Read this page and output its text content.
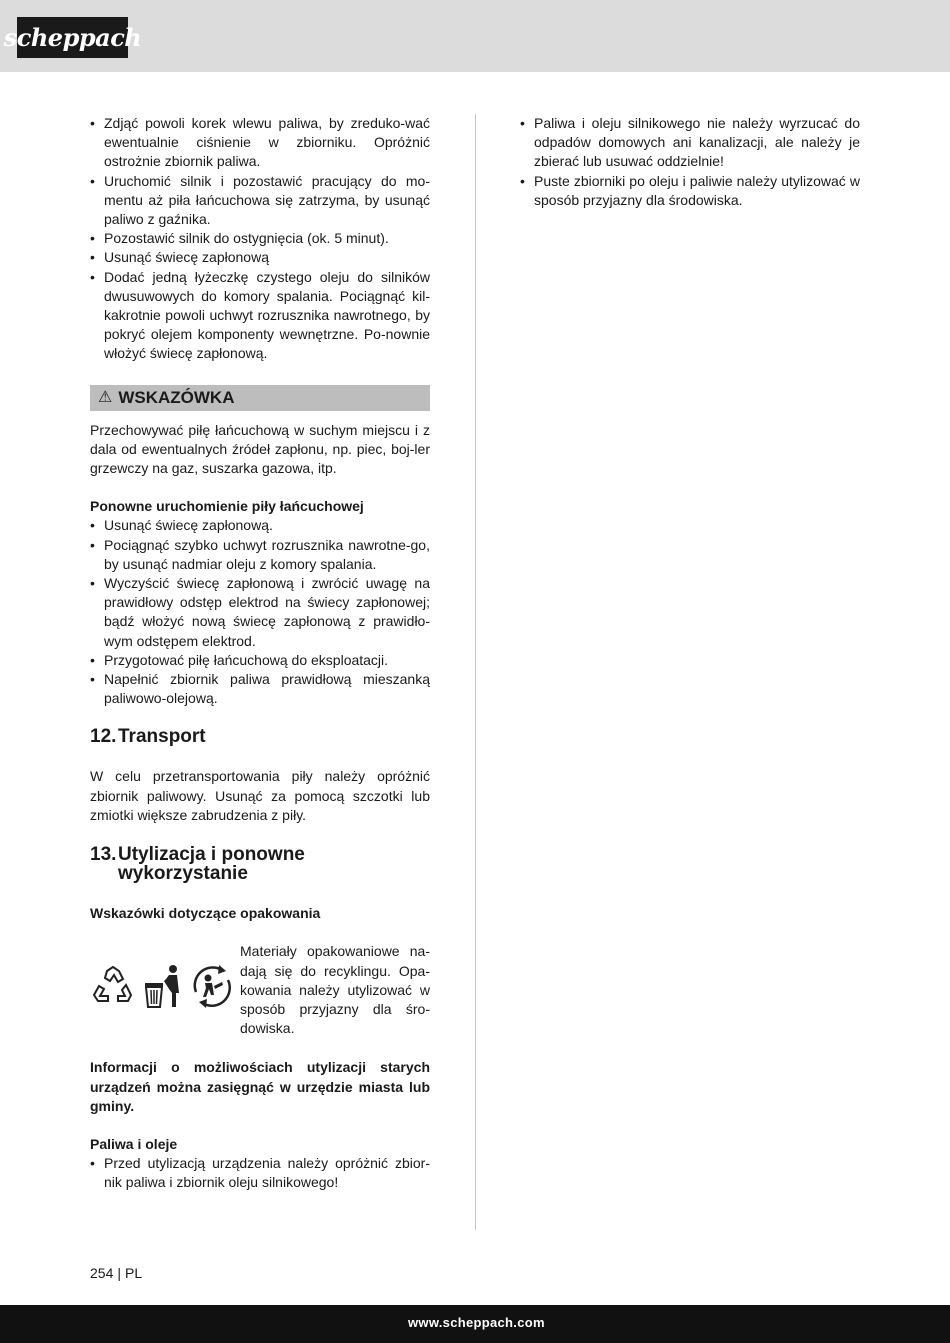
scheppach
• Zdjąć powoli korek wlewu paliwa, by zreduko-wać ewentualnie ciśnienie w zbiorniku. Opróżnić ostrożnie zbiornik paliwa.
• Uruchomić silnik i pozostawić pracujący do mo-mentu aż piła łańcuchowa się zatrzyma, by usunąć paliwo z gaźnika.
• Pozostawić silnik do ostygnięcia (ok. 5 minut).
• Usunąć świecę zapłonową
• Dodać jedną łyżeczkę czystego oleju do silników dwusuwowych do komory spalania. Pociągnąć kil-kakrotnie powoli uchwyt rozrusznika nawrotnego, by pokryć olejem komponenty wewnętrzne. Po-nownie włożyć świecę zapłonową.
⚠ WSKAZÓWKA

Przechowywać piłę łańcuchową w suchym miejscu i z dala od ewentualnych źródeł zapłonu, np. piec, boj-ler grzewczy na gaz, suszarka gazowa, itp.

Ponowne uruchomienie piły łańcuchowej
• Usunąć świecę zapłonową.
• Pociągnąć szybko uchwyt rozrusznika nawrotne-go, by usunąć nadmiar oleju z komory spalania.
• Wyczyścić świecę zapłonową i zwrócić uwagę na prawidłowy odstęp elektrod na świecy zapłonowej; bądź włożyć nową świecę zapłonową z prawidło-wym odstępem elektrod.
• Przygotować piłę łańcuchową do eksploatacji.
• Napełnić zbiornik paliwa prawidłową mieszanką paliwowo-olejową.
12. Transport

W celu przetransportowania piły należy opróżnić zbiornik paliwowy. Usunąć za pomocą szczotki lub zmiotki większe zabrudzenia z piły.

13. Utylizacja i ponowne
wykorzystanie
Wskazówki dotyczące opakowania

Materiały opakowaniowe na-dają się do recyklingu. Opa-kowania należy utylizować w sposób przyjazny dla śro-dowiska.

Informacji o możliwościach utylizacji starych urządzeń można zasięgnąć w urzędzie miasta lub gminy.

Paliwa i oleje
• Przed utylizacją urządzenia należy opróżnić zbior-nik paliwa i zbiornik oleju silnikowego!
• Paliwa i oleju silnikowego nie należy wyrzucać do odpadów domowych ani kanalizacji, ale należy je zbierać lub usuwać oddzielnie!
• Puste zbiorniki po oleju i paliwie należy utylizować w sposób przyjazny dla środowiska.
254 | PL
www.scheppach.com
